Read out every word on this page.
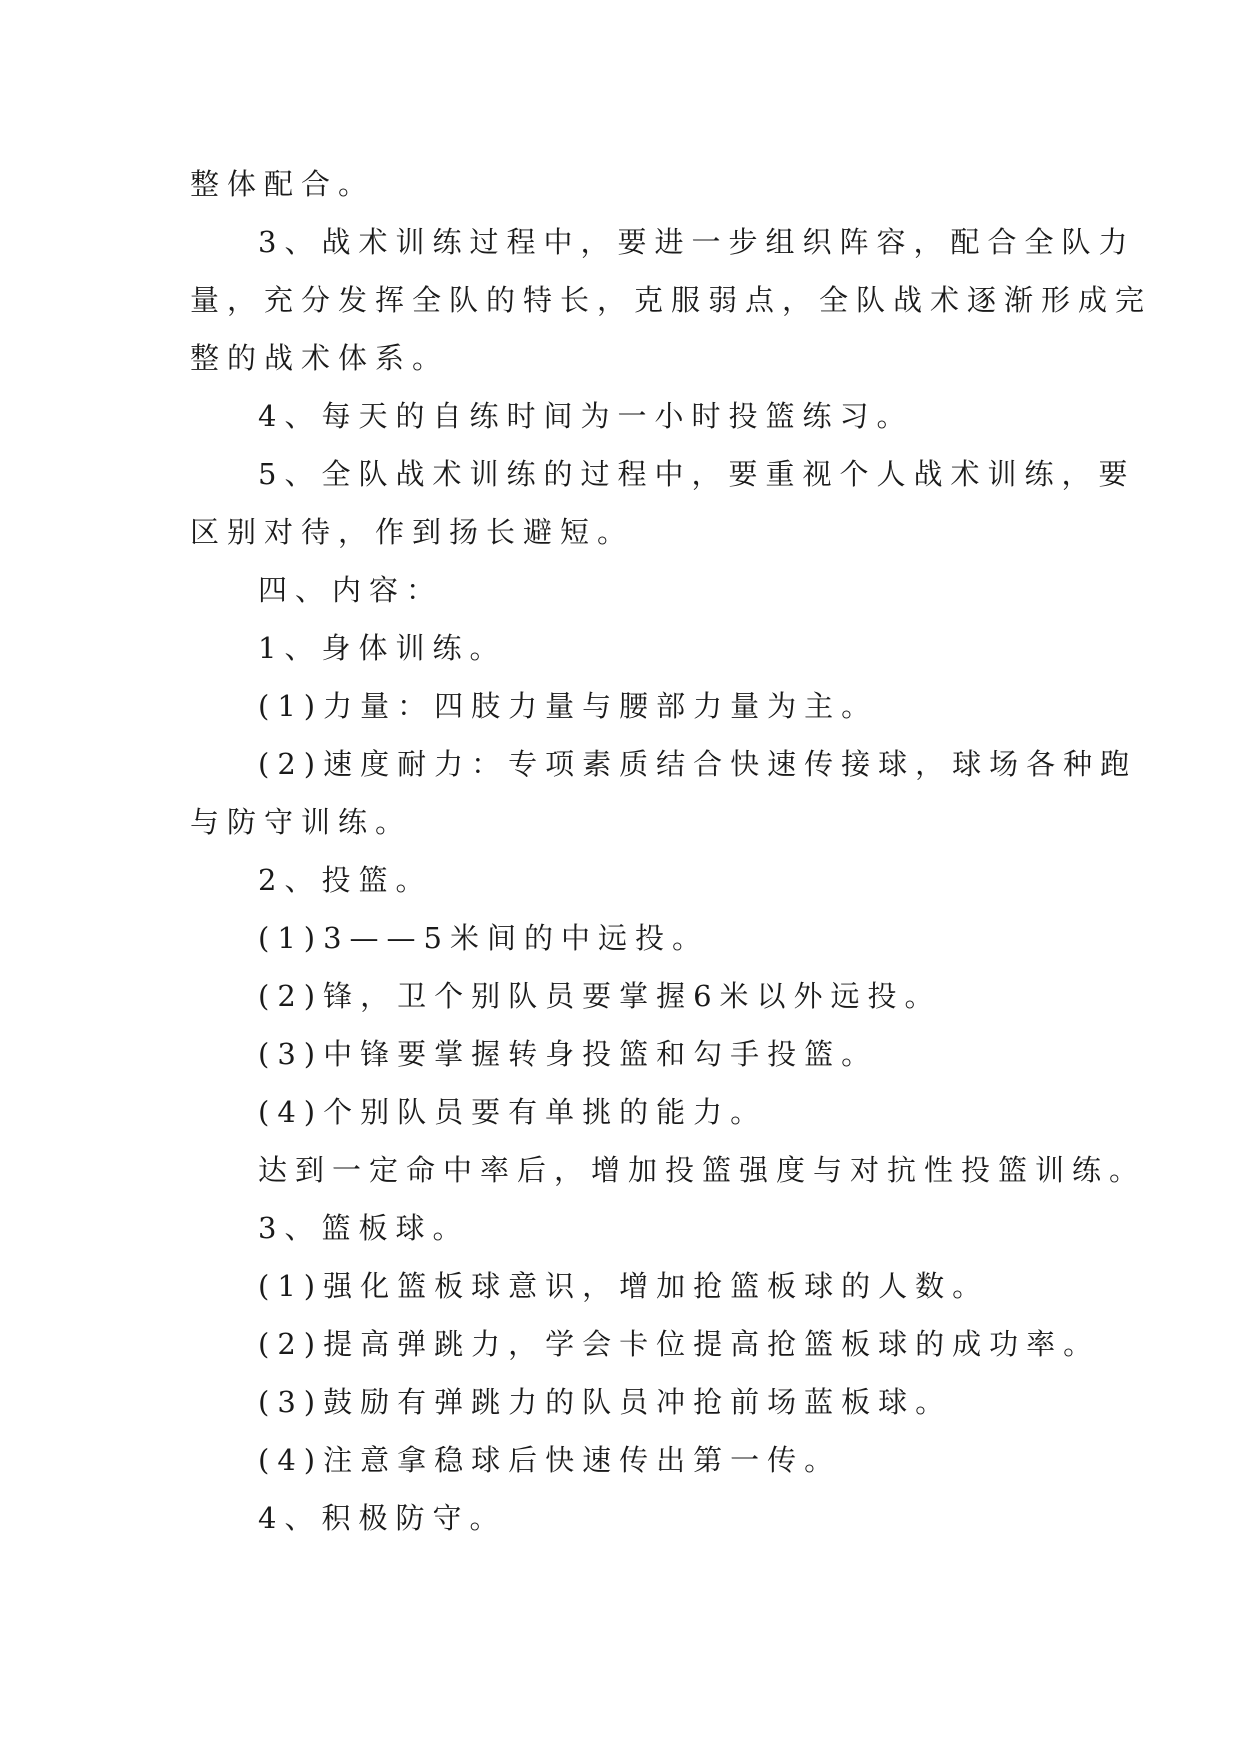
整体配合。
3、战术训练过程中，要进一步组织阵容，配合全队力
量，充分发挥全队的特长，克服弱点，全队战术逐渐形成完
整的战术体系。
4、每天的自练时间为一小时投篮练习。
5、全队战术训练的过程中，要重视个人战术训练，要
区别对待，作到扬长避短。
四、内容：
1、身体训练。
(1)力量：四肢力量与腰部力量为主。
(2)速度耐力：专项素质结合快速传接球，球场各种跑
与防守训练。
2、投篮。
(1)3——5米间的中远投。
(2)锋，卫个别队员要掌握6米以外远投。
(3)中锋要掌握转身投篮和勾手投篮。
(4)个别队员要有单挑的能力。
达到一定命中率后，增加投篮强度与对抗性投篮训练。
3、篮板球。
(1)强化篮板球意识，增加抢篮板球的人数。
(2)提高弹跳力，学会卡位提高抢篮板球的成功率。
(3)鼓励有弹跳力的队员冲抢前场蓝板球。
(4)注意拿稳球后快速传出第一传。
4、积极防守。
